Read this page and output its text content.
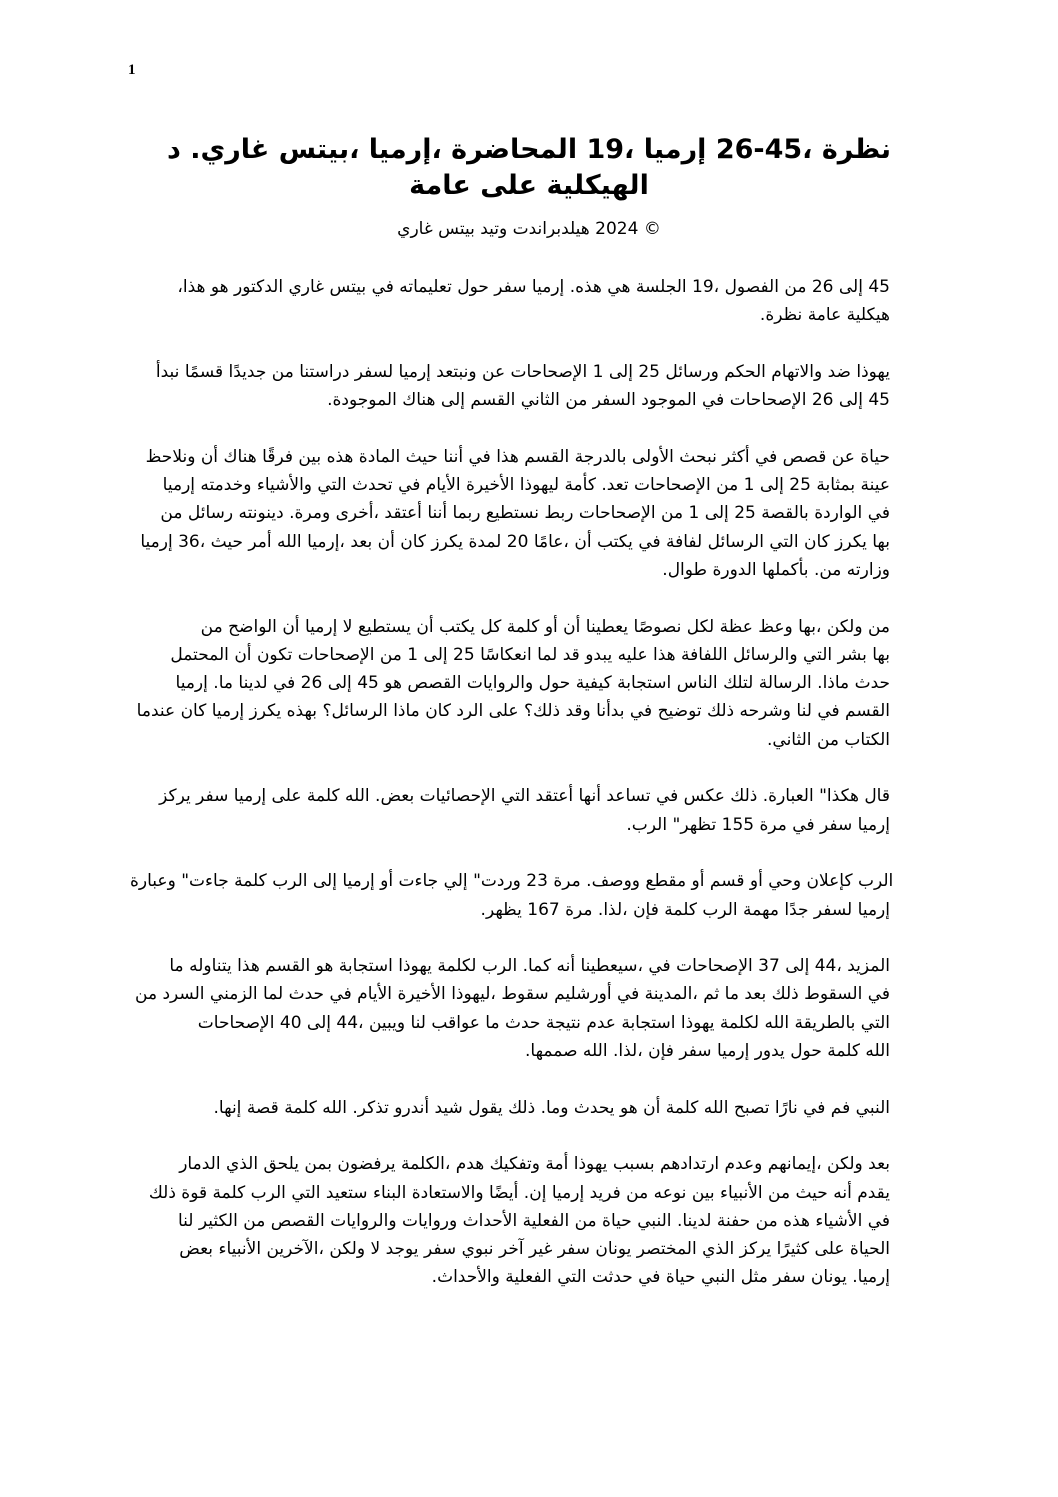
1
د .غاري بيتس، إرميا، المحاضرة 19، إرميا 26-45، نظرة
عامة على الهيكلية
غاري بيتس وتيد هيلدبراندت 2024 ©
،هذا هو الدكتور غاري بيتس في تعليماته حول سفر إرميا .هذه هي الجلسة 19، الفصول من 26 إلى 45
.نظرة عامة هيكلية
نبدأ قسمًا جديدًا من دراستنا لسفر إرميا ونبتعد عن الإصحاحات 1 إلى 25 ورسائل الحكم والاتهام ضد يهوذا
.الموجودة هناك إلى القسم الثاني من السفر الموجود في الإصحاحات 26 إلى 45
ونلاحظ أن هناك فرقًا بين هذه المادة حيث أننا في هذا القسم بالدرجة الأولى نبحث أكثر في قصص عن حياة
إرميا وخدمته والأشياء التي تحدث في الأيام الأخيرة ليهوذا كأمة .تعد الإصحاحات من 1 إلى 25 بمثابة عينة
من رسائل دينونته .ومرة أخرى، أعتقد أننا ربما نستطيع ربط الإصحاحات من 1 إلى 25 بالقصة الواردة في
إرميا 36، حيث أمر الله إرميا، بعد أن كان يكرز لمدة 20 عامًا، أن يكتب في لفافة الرسائل التي كان يكرز بها
.طوال الدورة بأكملها .من وزارته
من الواضح أن إرميا لا يستطيع أن يكتب كل كلمة أو أن يعطينا نصوصًا لكل عظة وعظ بها، ولكن من
المحتمل أن تكون الإصحاحات من 1 إلى 25 انعكاسًا لما قد يبدو عليه هذا اللفافة والرسائل التي بشر بها
إرميا .ما لدينا في 26 إلى 45 هو القصص والروايات حول كيفية استجابة الناس لتلك الرسالة .ماذا حدث
عندما كان إرميا يكرز بهذه الرسائل؟ ماذا كان الرد على ذلك؟ وقد بدأنا في توضيح ذلك وشرحه لنا في القسم
.الثاني من الكتاب
يركز سفر إرميا على كلمة الله .بعض الإحصائيات التي أعتقد أنها تساعد في عكس ذلك .العبارة "هكذا قال
.الرب "تظهر 155 مرة في سفر إرميا
وعبارة "جاءت كلمة الرب إلى إرميا أو جاءت إلي "وردت 23 مرة .ووصف مقطع أو قسم أو وحي كإعلان الرب
.يظهر 167 مرة .لذا، فإن كلمة الرب مهمة جدًا لسفر إرميا
ما يتناوله هذا القسم هو استجابة يهوذا لكلمة الرب .كما أنه سيعطينا، في الإصحاحات 37 إلى 44، المزيد
من السرد الزمني لما حدث في الأيام الأخيرة ليهوذا، سقوط أورشليم في المدينة، ثم ما بعد ذلك السقوط في
الإصحاحات 40 إلى 44، ويبين لنا عواقب ما حدث نتيجة عدم استجابة يهوذا لكلمة الله بالطريقة التي
.صممها الله .لذا، فإن سفر إرميا يدور حول كلمة الله
.إنها قصة كلمة الله .تذكر أندرو شيد يقول ذلك .وما يحدث هو أن كلمة الله تصبح نارًا في فم النبي
الدمار الذي يلحق بمن يرفضون الكلمة، هدم وتفكيك أمة يهوذا بسبب ارتدادهم وعدم إيمانهم، ولكن بعد
ذلك قوة كلمة الرب التي ستعيد البناء والاستعادة أيضًا .إن إرميا فريد من نوعه بين الأنبياء من حيث أنه يقدم
لنا الكثير من القصص والروايات وروايات الأحداث الفعلية من حياة النبي .لدينا حفنة من هذه الأشياء في
بعض الأنبياء الآخرين، ولكن لا يوجد سفر نبوي آخر غير سفر يونان المختصر الذي يركز كثيرًا على الحياة
.والأحداث الفعلية التي حدثت في حياة النبي مثل سفر يونان .إرميا
